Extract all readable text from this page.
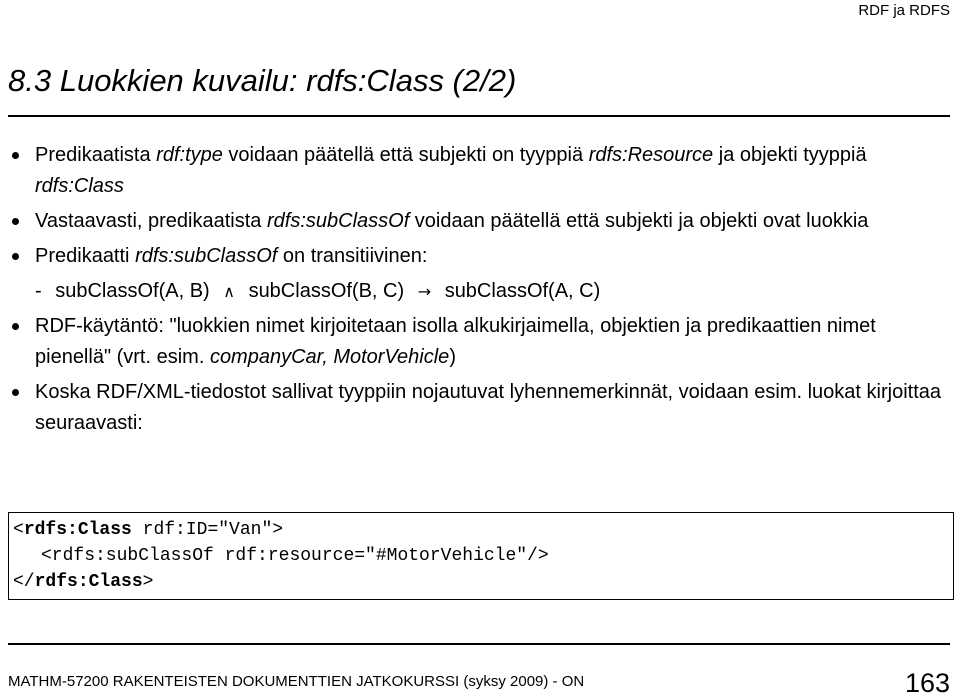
RDF ja RDFS
8.3 Luokkien kuvailu: rdfs:Class (2/2)
Predikaatista rdf:type voidaan päätellä että subjekti on tyyppiä rdfs:Resource ja objekti tyyppiä rdfs:Class
Vastaavasti, predikaatista rdfs:subClassOf voidaan päätellä että subjekti ja objekti ovat luokkia
Predikaatti rdfs:subClassOf on transitiivinen:
- subClassOf(A, B) ∧ subClassOf(B, C) → subClassOf(A, C)
RDF-käytäntö: "luokkien nimet kirjoitetaan isolla alkukirjaimella, objektien ja predikaattien nimet pienellä" (vrt. esim. companyCar, MotorVehicle)
Koska RDF/XML-tiedostot sallivat tyyppiin nojautuvat lyhennemerkinnät, voidaan esim. luokat kirjoittaa seuraavasti:
<rdfs:Class rdf:ID="Van">
<rdfs:subClassOf rdf:resource="#MotorVehicle"/>
</rdfs:Class>
MATHM-57200 RAKENTEISTEN DOKUMENTTIEN JATKOKURSSI (syksy 2009) - ON	163
